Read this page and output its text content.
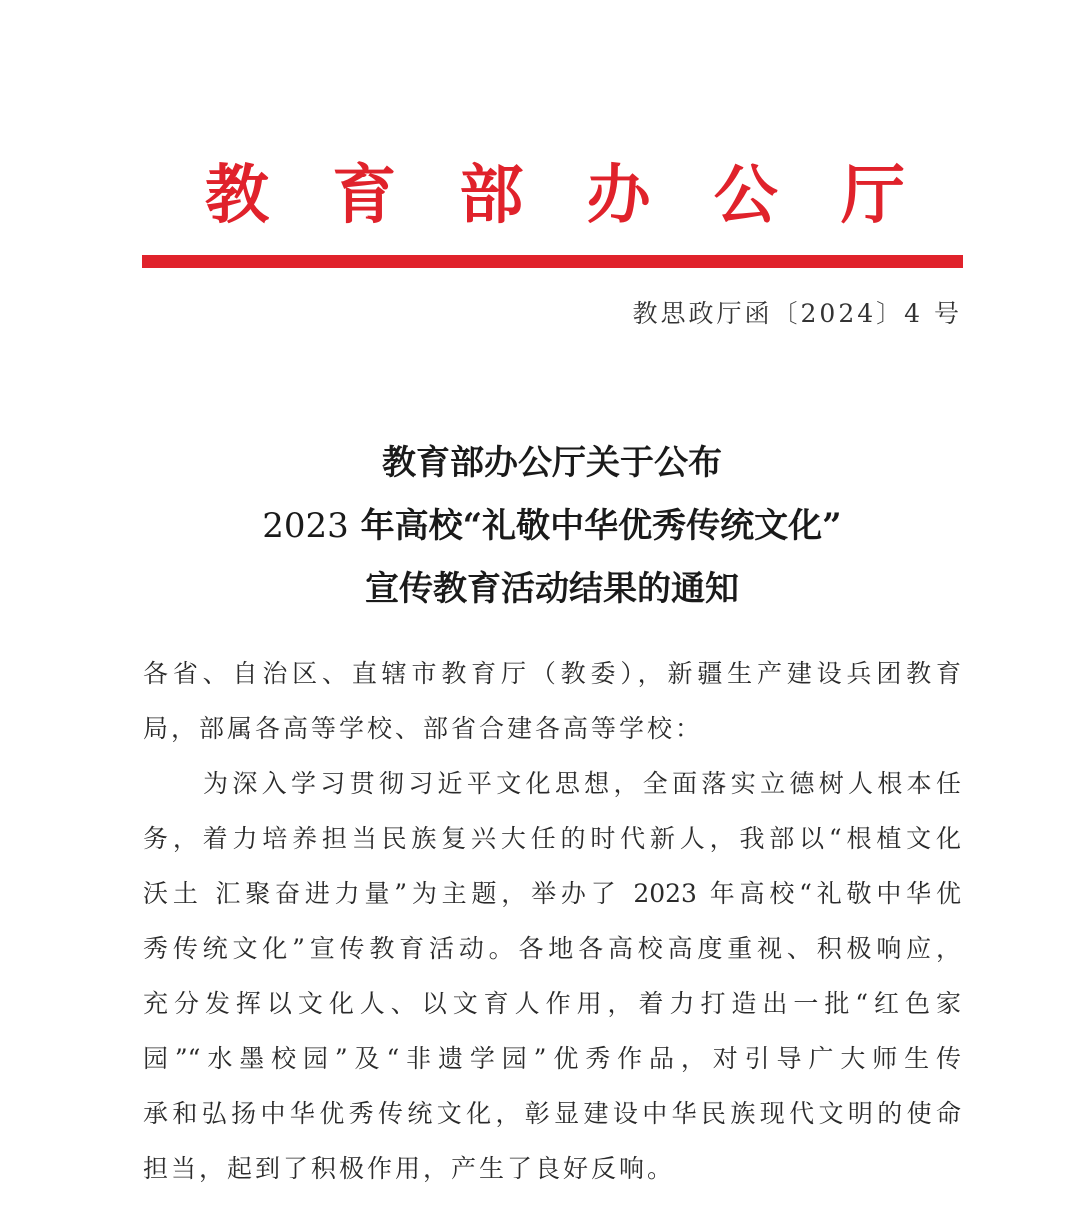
教 育 部 办 公 厅
教思政厅函〔2024〕4 号
教育部办公厅关于公布
2023 年高校“礼敬中华优秀传统文化”
宣传教育活动结果的通知
各省、自治区、直辖市教育厅（教委），新疆生产建设兵团教育
局，部属各高等学校、部省合建各高等学校：
为深入学习贯彻习近平文化思想，全面落实立德树人根本任
务，着力培养担当民族复兴大任的时代新人，我部以“根植文化
沃土 汇聚奋进力量”为主题，举办了 2023 年高校“礼敬中华优
秀传统文化”宣传教育活动。各地各高校高度重视、积极响应，
充分发挥以文化人、以文育人作用，着力打造出一批“红色家
园”“水墨校园”及“非遗学园”优秀作品，对引导广大师生传
承和弘扬中华优秀传统文化，彰显建设中华民族现代文明的使命
担当，起到了积极作用，产生了良好反响。
